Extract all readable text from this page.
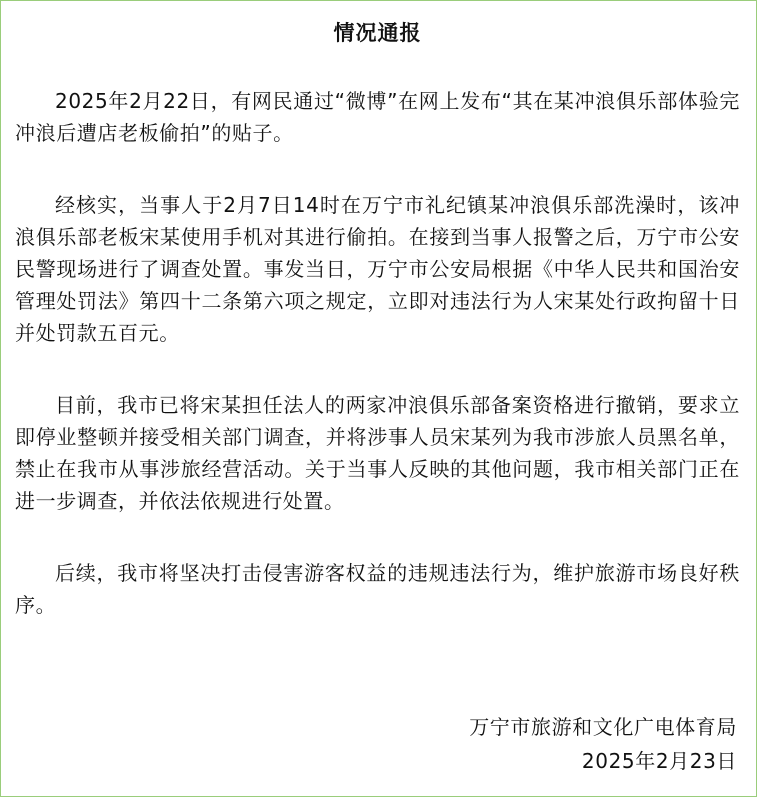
情况通报

2025年2月22日，有网民通过“微博”在网上发布“其在某冲浪俱乐部体验完冲浪后遭店老板偷拍”的贴子。

经核实，当事人于2月7日14时在万宁市礼纪镇某冲浪俱乐部洗澡时，该冲浪俱乐部老板宋某使用手机对其进行偷拍。在接到当事人报警之后，万宁市公安民警现场进行了调查处置。事发当日，万宁市公安局根据《中华人民共和国治安管理处罚法》第四十二条第六项之规定，立即对违法行为人宋某处行政拘留十日并处罚款五百元。

目前，我市已将宋某担任法人的两家冲浪俱乐部备案资格进行撤销，要求立即停业整顿并接受相关部门调查，并将涉事人员宋某列为我市涉旅人员黑名单，禁止在我市从事涉旅经营活动。关于当事人反映的其他问题，我市相关部门正在进一步调查，并依法依规进行处置。

后续，我市将坚决打击侵害游客权益的违规违法行为，维护旅游市场良好秩序。

万宁市旅游和文化广电体育局
2025年2月23日
